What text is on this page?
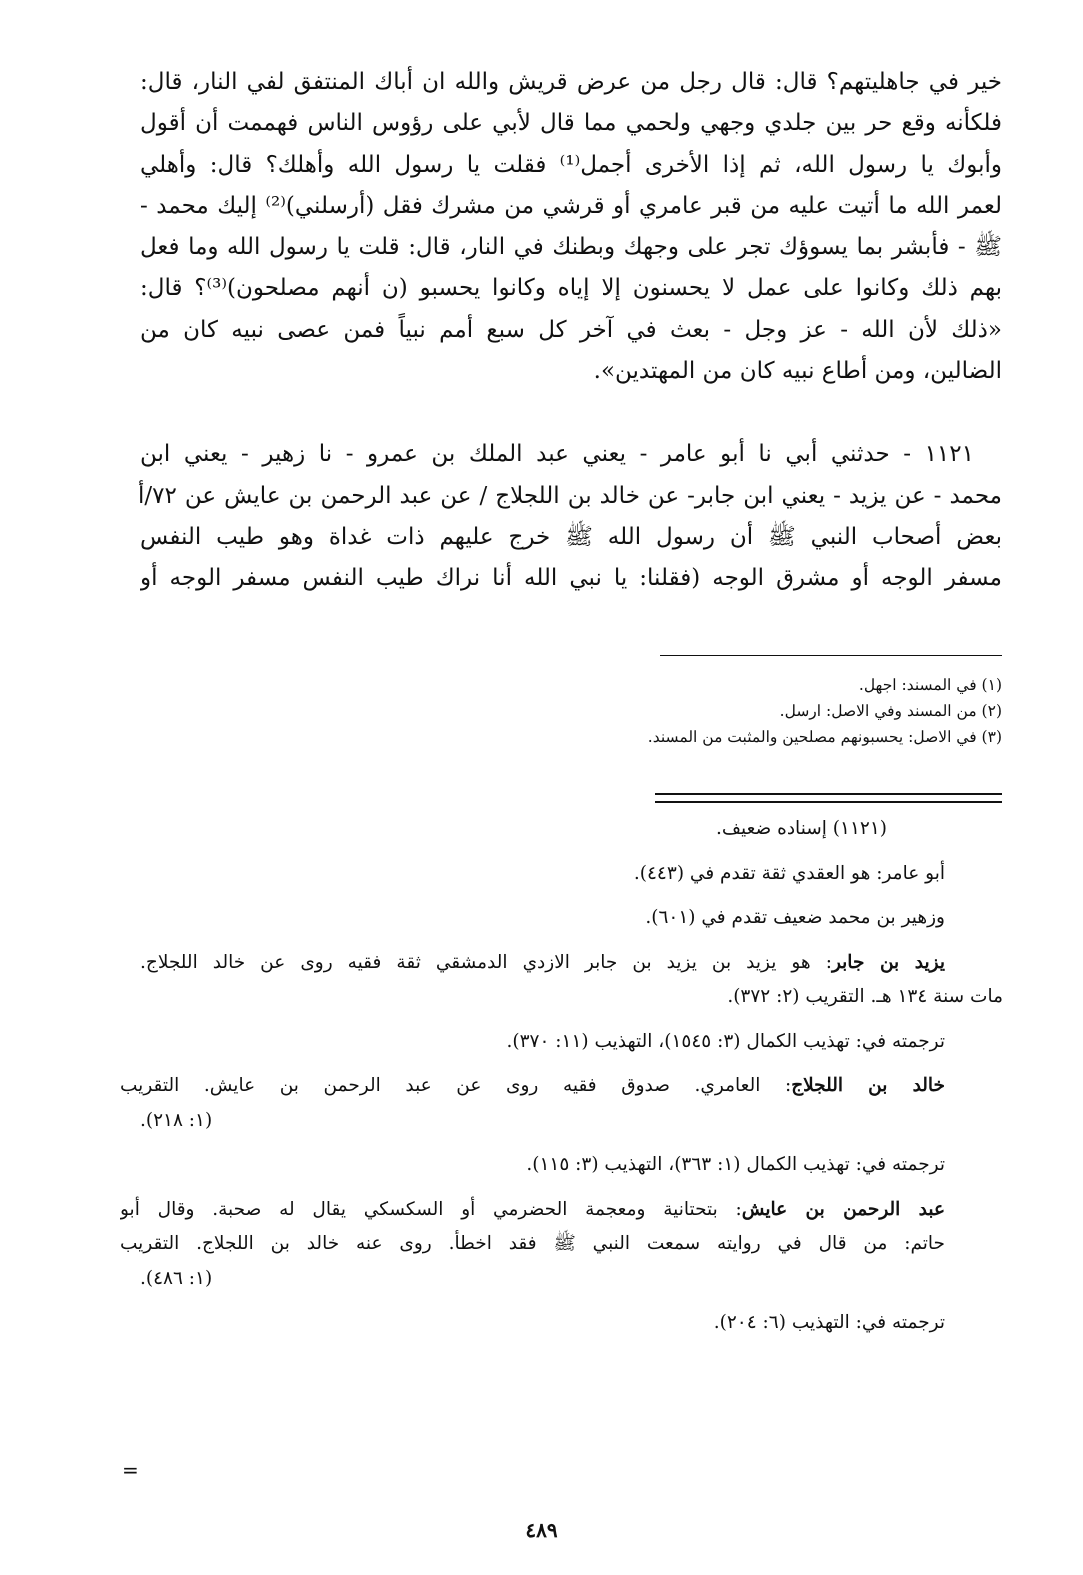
خير في جاهليتهم؟ قال: قال رجل من عرض قريش والله ان أباك المنتفق لفي النار، قال:
فلكأنه وقع حر بين جلدي وجهي ولحمي مما قال لأبي على رؤوس الناس فهممت أن أقول
وأبوك يا رسول الله، ثم إذا الأخرى أجمل⁽¹⁾ فقلت يا رسول الله وأهلك؟ قال: وأهلي
لعمر الله ما أتيت عليه من قبر عامري أو قرشي من مشرك فقل (أرسلني)⁽²⁾ إليك محمد -
ﷺ - فأبشر بما يسوؤك تجر على وجهك وبطنك في النار، قال: قلت يا رسول الله وما فعل
بهم ذلك وكانوا على عمل لا يحسنون إلا إياه وكانوا يحسبو (ن أنهم مصلحون)⁽³⁾؟ قال:
«ذلك لأن الله - عز وجل - بعث في آخر كل سبع أمم نبياً فمن عصى نبيه كان من
الضالين، ومن أطاع نبيه كان من المهتدين».
١١٢١ - حدثني أبي نا أبو عامر - يعني عبد الملك بن عمرو - نا زهير - يعني ابن
محمد - عن يزيد - يعني ابن جابر- عن خالد بن اللجلاج / عن عبد الرحمن بن عايش عن ٧٢/أ
بعض أصحاب النبي ﷺ أن رسول الله ﷺ خرج عليهم ذات غداة وهو طيب النفس
مسفر الوجه أو مشرق الوجه (فقلنا: يا نبي الله أنا نراك طيب النفس مسفر الوجه أو
(١) في المسند: اجهل.
(٢) من المسند وفي الاصل: ارسل.
(٣) في الاصل: يحسبونهم مصلحين والمثبت من المسند.
(١١٢١) إسناده ضعيف.
أبو عامر: هو العقدي ثقة تقدم في (٤٤٣).
وزهير بن محمد ضعيف تقدم في (٦٠١).
يزيد بن جابر: هو يزيد بن يزيد بن جابر الازدي الدمشقي ثقة فقيه روى عن خالد اللجلاج.
مات سنة ١٣٤ هـ. التقريب (٢: ٣٧٢).
ترجمته في: تهذيب الكمال (٣: ١٥٤٥)، التهذيب (١١: ٣٧٠).
خالد بن اللجلاج: العامري. صدوق فقيه روى عن عبد الرحمن بن عايش. التقريب
(١: ٢١٨).
ترجمته في: تهذيب الكمال (١: ٣٦٣)، التهذيب (٣: ١١٥).
عبد الرحمن بن عايش: بتحتانية ومعجمة الحضرمي أو السكسكي يقال له صحبة. وقال أبو
حاتم: من قال في روايته سمعت النبي ﷺ فقد اخطأ. روى عنه خالد بن اللجلاج. التقريب
(١: ٤٨٦).
ترجمته في: التهذيب (٦: ٢٠٤).
=
٤٨٩
